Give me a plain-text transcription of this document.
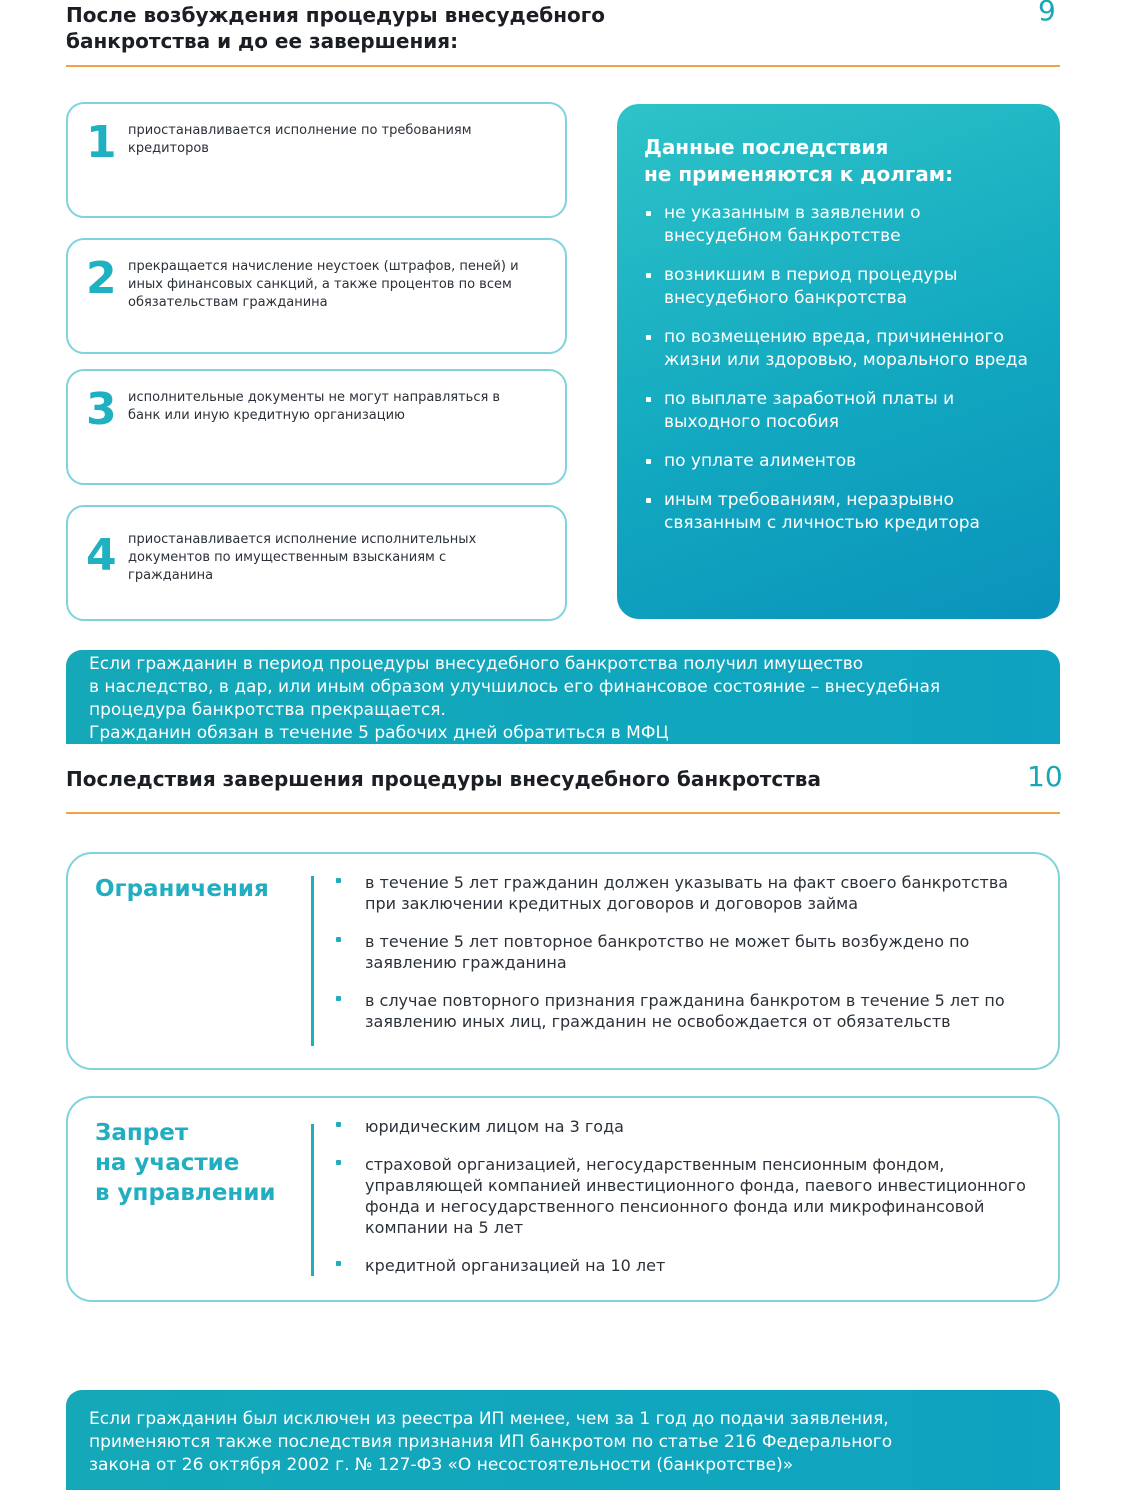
После возбуждения процедуры внесудебного
банкротства и до ее завершения:
9
1 приостанавливается исполнение по требованиям кредиторов
2 прекращается начисление неустоек (штрафов, пеней) и иных финансовых санкций, а также процентов по всем обязательствам гражданина
3 исполнительные документы не могут направляться в банк или иную кредитную организацию
4 приостанавливается исполнение исполнительных документов по имущественным взысканиям с гражданина
Данные последствия
не применяются к долгам:
не указанным в заявлении о внесудебном банкротстве
возникшим в период процедуры внесудебного банкротства
по возмещению вреда, причиненного жизни или здоровью, морального вреда
по выплате заработной платы и выходного пособия
по уплате алиментов
иным требованиям, неразрывно связанным с личностью кредитора
Если гражданин в период процедуры внесудебного банкротства получил имущество
в наследство, в дар, или иным образом улучшилось его финансовое состояние – внесудебная
процедура банкротства прекращается.
Гражданин обязан в течение 5 рабочих дней обратиться в МФЦ
Последствия завершения процедуры внесудебного банкротства	10
Ограничения	в течение 5 лет гражданин должен указывать на факт своего банкротства при заключении кредитных договоров и договоров займа
в течение 5 лет повторное банкротство не может быть возбуждено по заявлению гражданина
в случае повторного признания гражданина банкротом в течение 5 лет по заявлению иных лиц, гражданин не освобождается от обязательств
Запрет
на участие
в управлении
юридическим лицом на 3 года
страховой организацией, негосударственным пенсионным фондом, управляющей компанией инвестиционного фонда, паевого инвестиционного фонда и негосударственного пенсионного фонда или микрофинансовой компании на 5 лет
кредитной организацией на 10 лет
Если гражданин был исключен из реестра ИП менее, чем за 1 год до подачи заявления,
применяются также последствия признания ИП банкротом по статье 216 Федерального
закона от 26 октября 2002 г. № 127-ФЗ «О несостоятельности (банкротстве)»
